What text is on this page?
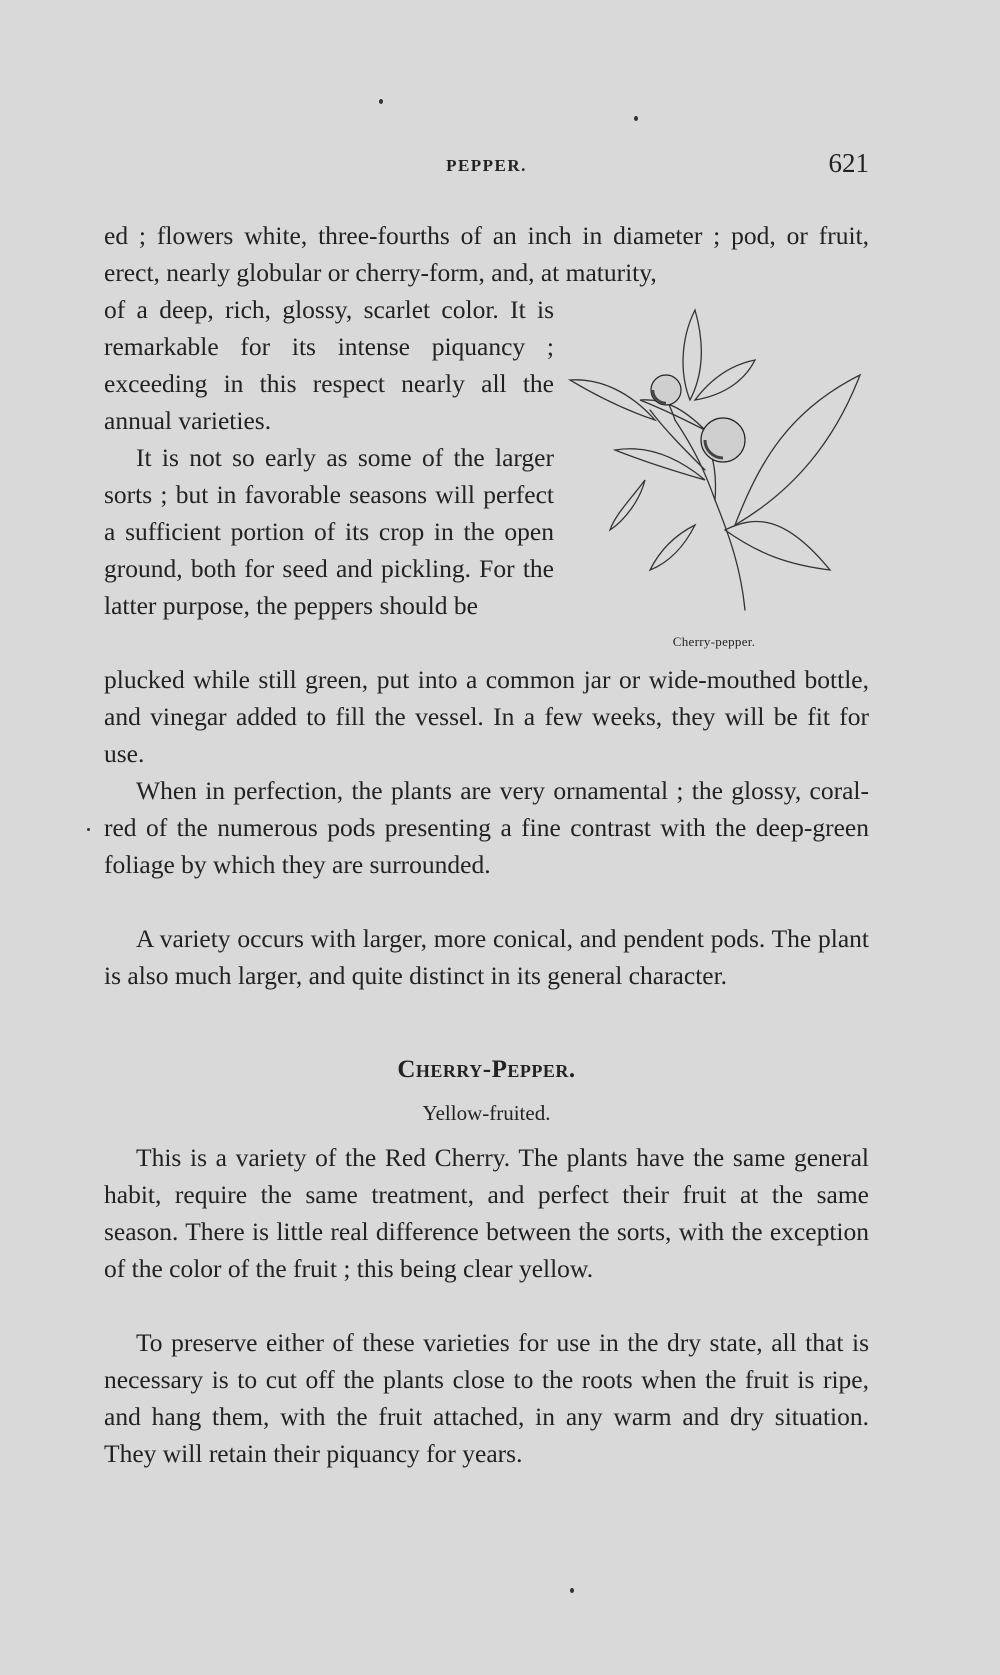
PEPPER.	621

ed ; flowers white, three-fourths of an inch in diameter ; pod, or fruit, erect, nearly globular or cherry-form, and, at maturity,

of a deep, rich, glossy, scarlet color. It is remarkable for its intense piquancy ; exceeding in this respect nearly all the annual varieties.

It is not so early as some of the larger sorts ; but in favorable seasons will perfect a sufficient portion of its crop in the open ground, both for seed and pickling. For the latter purpose, the peppers should be

plucked while still green, put into a common jar or wide-mouthed bottle, and vinegar added to fill the vessel. In a few weeks, they will be fit for use.

When in perfection, the plants are very ornamental ; the glossy, coral-red of the numerous pods presenting a fine contrast with the deep-green foliage by which they are surrounded.

A variety occurs with larger, more conical, and pendent pods. The plant is also much larger, and quite distinct in its general character.

Cherry-Pepper.
Yellow-fruited.

This is a variety of the Red Cherry. The plants have the same general habit, require the same treatment, and perfect their fruit at the same season. There is little real difference between the sorts, with the exception of the color of the fruit ; this being clear yellow.

To preserve either of these varieties for use in the dry state, all that is necessary is to cut off the plants close to the roots when the fruit is ripe, and hang them, with the fruit attached, in any warm and dry situation. They will retain their piquancy for years.

Cherry-pepper.
